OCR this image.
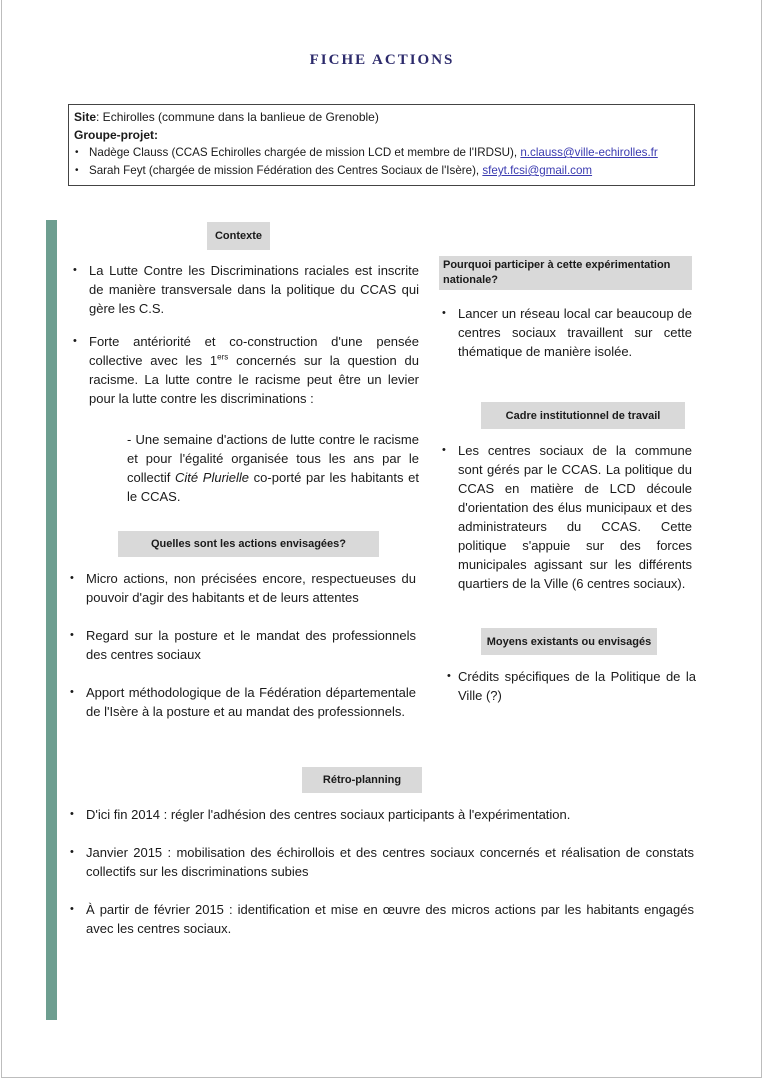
FICHE ACTIONS
Site: Echirolles (commune dans la banlieue de Grenoble)
Groupe-projet:
• Nadège Clauss (CCAS Echirolles chargée de mission LCD et membre de l'IRDSU), n.clauss@ville-echirolles.fr
• Sarah Feyt (chargée de mission Fédération des Centres Sociaux de l'Isère), sfeyt.fcsi@gmail.com
Contexte
• La Lutte Contre les Discriminations raciales est inscrite de manière transversale dans la politique du CCAS qui gère les C.S.
• Forte antériorité et co-construction d'une pensée collective avec les 1ers concernés sur la question du racisme. La lutte contre le racisme peut être un levier pour la lutte contre les discriminations :
- Une semaine d'actions de lutte contre le racisme et pour l'égalité organisée tous les ans par le collectif Cité Plurielle co-porté par les habitants et le CCAS.
Pourquoi participer à cette expérimentation nationale?
• Lancer un réseau local car beaucoup de centres sociaux travaillent sur cette thématique de manière isolée.
Cadre institutionnel de travail
• Les centres sociaux de la commune sont gérés par le CCAS. La politique du CCAS en matière de LCD découle d'orientation des élus municipaux et des administrateurs du CCAS. Cette politique s'appuie sur des forces municipales agissant sur les différents quartiers de la Ville (6 centres sociaux).
Quelles sont les actions envisagées?
• Micro actions, non précisées encore, respectueuses du pouvoir d'agir des habitants et de leurs attentes
• Regard sur la posture et le mandat des professionnels des centres sociaux
• Apport méthodologique de la Fédération départementale de l'Isère à la posture et au mandat des professionnels.
Moyens existants ou envisagés
• Crédits spécifiques de la Politique de la Ville (?)
Rétro-planning
• D'ici fin 2014 : régler l'adhésion des centres sociaux participants à l'expérimentation.
• Janvier 2015 : mobilisation des échirollois et des centres sociaux concernés et réalisation de constats collectifs sur les discriminations subies
• À partir de février 2015 : identification et mise en œuvre des micros actions par les habitants engagés avec les centres sociaux.
